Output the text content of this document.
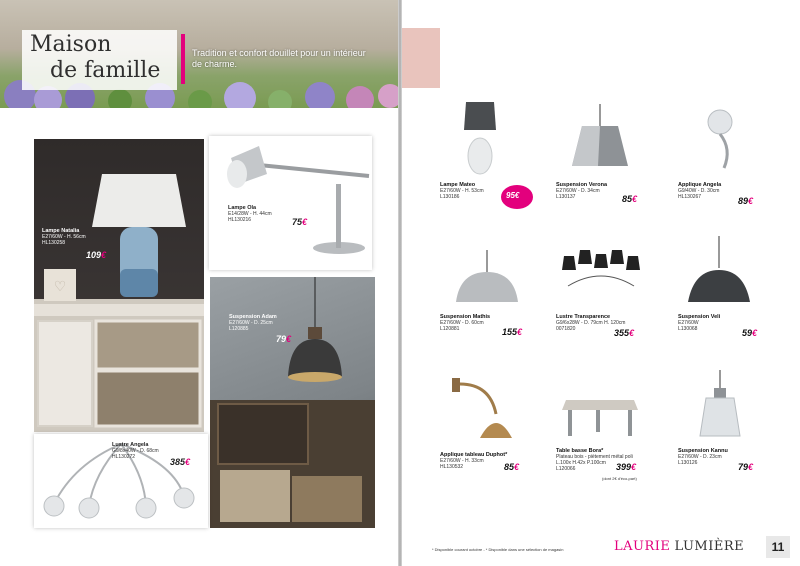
Maison
de famille
Tradition et confort douillet pour un intérieur de charme.
♡
Lampe Natalia
E27/60W - H. 56cm
HL130258
109€
Lampe Ola
E14/28W - H. 44cm
HL130216	75€
Suspension Adam
E27/60W - D. 25cm
L120885
79€
Lustre Angela
G9/8x40W - D. 68cm
HL130272	385€
Lampe Mateo
E27/60W - H. 53cm
L130186	95€
Suspension Verona
E27/60W - D. 34cm
L130137	85€
Applique Angela
G9/40W - D. 30cm
HL130267	89€
Suspension Mathis
E27/60W - D. 60cm
L120881	155€
Lustre Transparence
G9/6x28W - D. 79cm H. 120cm
0071820	355€
Suspension Veli
E27/60W
L130068	59€
Applique tableau Duphot*
E27/60W - H. 33cm
HL130532	85€
Table basse Bora*
Plateau bois - piètement métal poli
L.100x H.42x P.100cm
L120066	399€
(dont 2€ d'éco-part)
Suspension Kannu
E27/60W - D. 23cm
L130126	79€
* Disponible courant octobre - * Disponible dans une sélection de magasin	LAURIE LUMIÈRE	11
